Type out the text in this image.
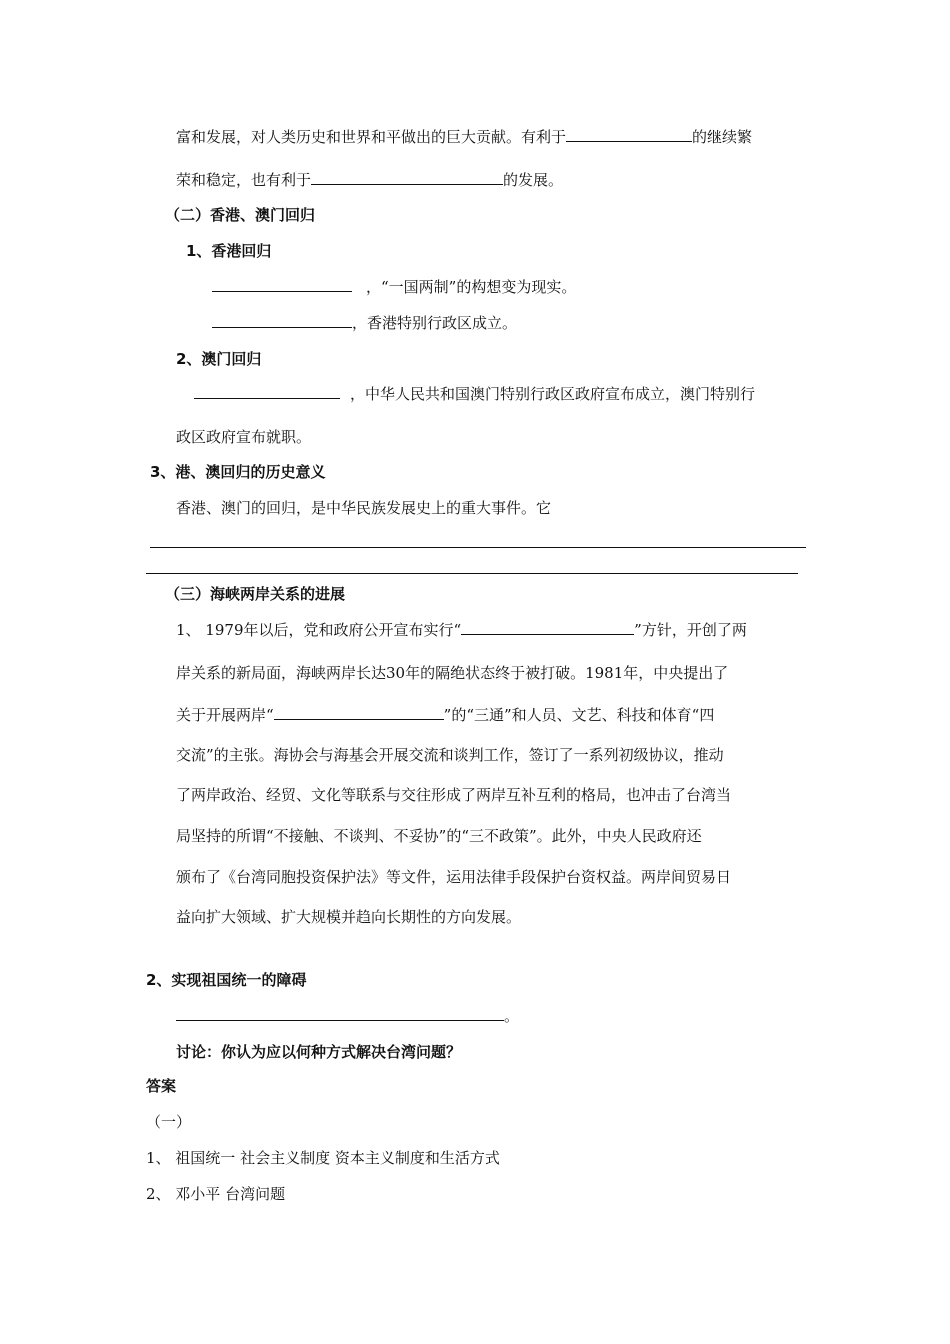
富和发展，对人类历史和世界和平做出的巨大贡献。有利于	的继续繁
荣和稳定，也有利于	的发展。
（二）香港、澳门回归
1、香港回归
，“一国两制”的构想变为现实。
，香港特别行政区成立。
2、澳门回归
，中华人民共和国澳门特别行政区政府宣布成立，澳门特别行
政区政府宣布就职。
3、港、澳回归的历史意义
香港、澳门的回归，是中华民族发展史上的重大事件。它
（三）海峡两岸关系的进展
1、 1979年以后，党和政府公开宣布实行“	”方针，开创了两
岸关系的新局面，海峡两岸长达30年的隔绝状态终于被打破。1981年，中央提出了
关于开展两岸“	”的“三通”和人员、文艺、科技和体育“四
交流”的主张。海协会与海基会开展交流和谈判工作，签订了一系列初级协议，推动
了两岸政治、经贸、文化等联系与交往形成了两岸互补互利的格局，也冲击了台湾当
局坚持的所谓“不接触、不谈判、不妥协”的“三不政策”。此外，中央人民政府还
颁布了《台湾同胞投资保护法》等文件，运用法律手段保护台资权益。两岸间贸易日
益向扩大领域、扩大规模并趋向长期性的方向发展。
2、实现祖国统一的障碍
。
讨论：你认为应以何种方式解决台湾问题？
答案
（一）
1、 祖国统一 社会主义制度 资本主义制度和生活方式
2、 邓小平 台湾问题
